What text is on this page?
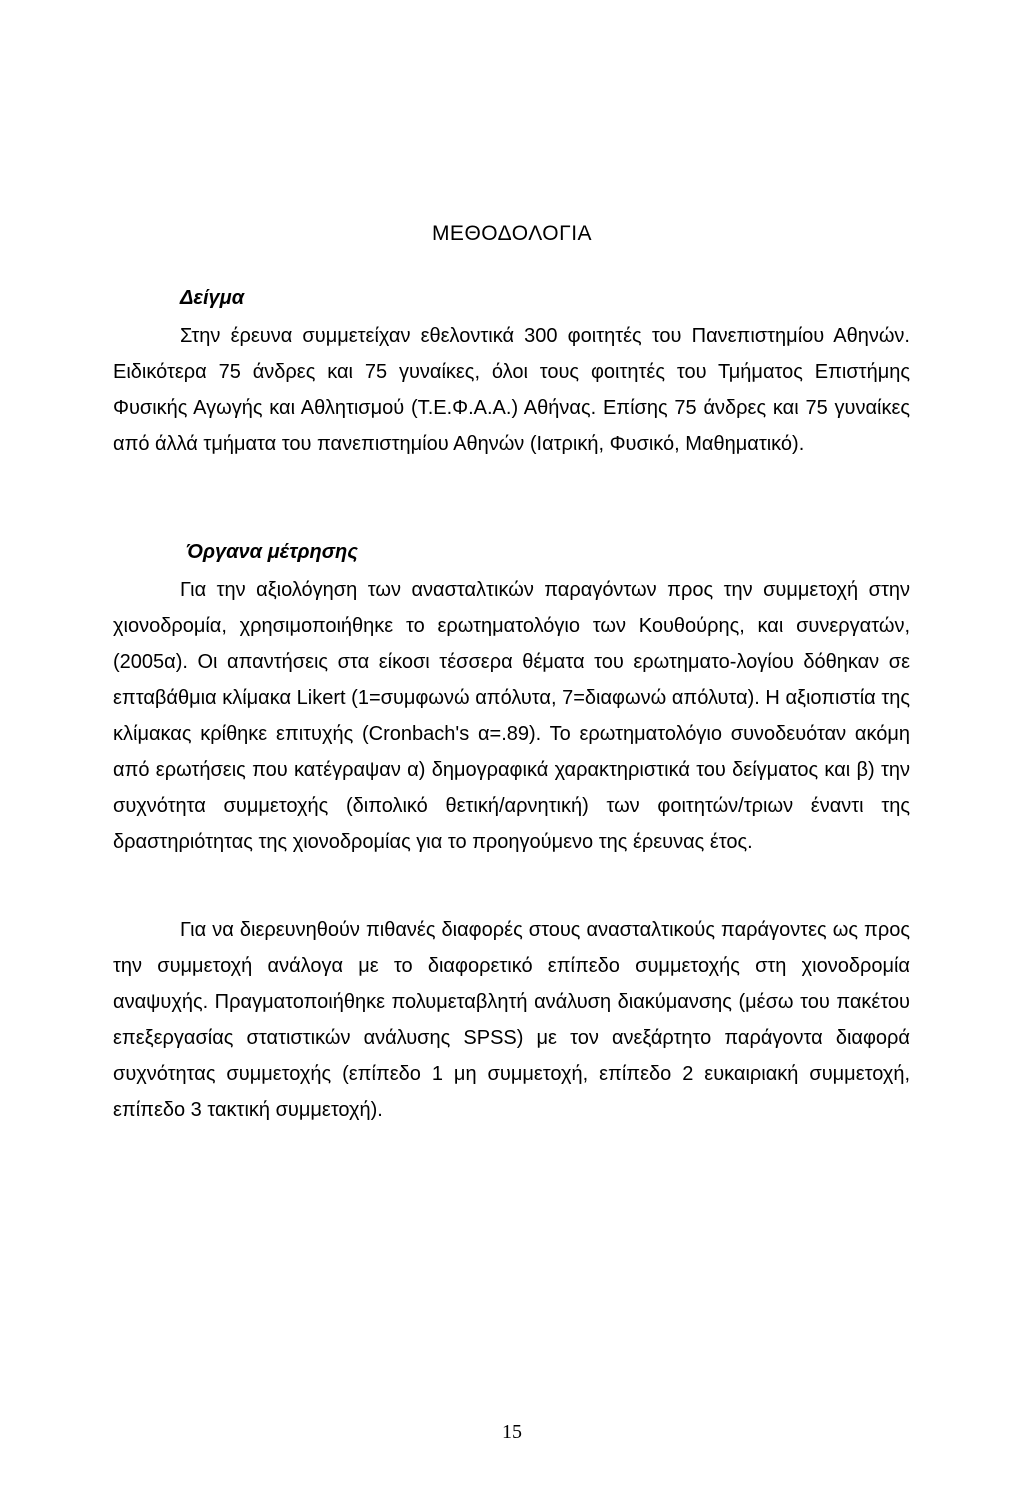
ΜΕΘΟΔΟΛΟΓΙΑ
Δείγμα

Στην έρευνα συμμετείχαν εθελοντικά 300 φοιτητές του Πανεπιστημίου Αθηνών. Ειδικότερα 75 άνδρες και 75 γυναίκες, όλοι τους φοιτητές του Τμήματος Επιστήμης Φυσικής Αγωγής και Αθλητισμού (Τ.Ε.Φ.Α.Α.) Αθήνας. Επίσης 75 άνδρες και 75 γυναίκες από άλλά τμήματα του πανεπιστημίου Αθηνών (Ιατρική, Φυσικό, Μαθηματικό).

Όργανα μέτρησης

Για την αξιολόγηση των ανασταλτικών παραγόντων προς την συμμετοχή στην χιονοδρομία, χρησιμοποιήθηκε το ερωτηματολόγιο των Κουθούρης, και συνεργατών, (2005α). Οι απαντήσεις στα είκοσι τέσσερα θέματα του ερωτηματο-λογίου δόθηκαν σε επταβάθμια κλίμακα Likert (1=συμφωνώ απόλυτα, 7=διαφωνώ απόλυτα). Η αξιοπιστία της κλίμακας κρίθηκε επιτυχής (Cronbach's α=.89). Το ερωτηματολόγιο συνοδευόταν ακόμη από ερωτήσεις που κατέγραψαν α) δημογραφικά χαρακτηριστικά του δείγματος και β) την συχνότητα συμμετοχής (διπολικό θετική/αρνητική) των φοιτητών/τριων έναντι της δραστηριότητας της χιονοδρομίας για το προηγούμενο της έρευνας έτος.

Για να διερευνηθούν πιθανές διαφορές στους ανασταλτικούς παράγοντες ως προς την συμμετοχή ανάλογα με το διαφορετικό επίπεδο συμμετοχής στη χιονοδρομία αναψυχής. Πραγματοποιήθηκε πολυμεταβλητή ανάλυση διακύμανσης (μέσω του πακέτου επεξεργασίας στατιστικών ανάλυσης SPSS) με τον ανεξάρτητο παράγοντα διαφορά συχνότητας συμμετοχής (επίπεδο 1 μη συμμετοχή, επίπεδο 2 ευκαιριακή συμμετοχή, επίπεδο 3 τακτική συμμετοχή).

15
